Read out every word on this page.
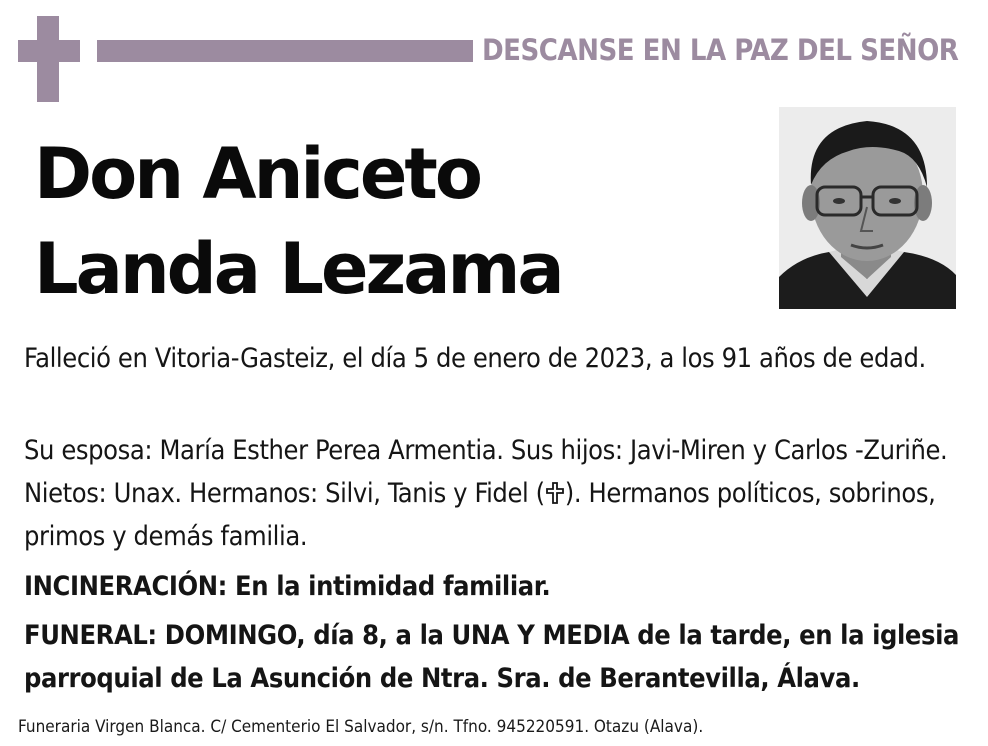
DESCANSE EN LA PAZ DEL SEÑOR
Don Aniceto
Landa Lezama
Falleció en Vitoria-Gasteiz, el día 5 de enero de 2023, a los 91 años de edad.
Su esposa: María Esther Perea Armentia. Sus hijos: Javi-Miren y Carlos -Zuriñe. Nietos: Unax. Hermanos: Silvi, Tanis y Fidel ( ). Hermanos políticos, sobrinos, primos y demás familia.
INCINERACIÓN: En la intimidad familiar.
FUNERAL: DOMINGO, día 8, a la UNA Y MEDIA de la tarde, en la iglesia parroquial de La Asunción de Ntra. Sra. de Berantevilla, Álava.
Funeraria Virgen Blanca. C/ Cementerio El Salvador, s/n. Tfno. 945220591. Otazu (Alava).
